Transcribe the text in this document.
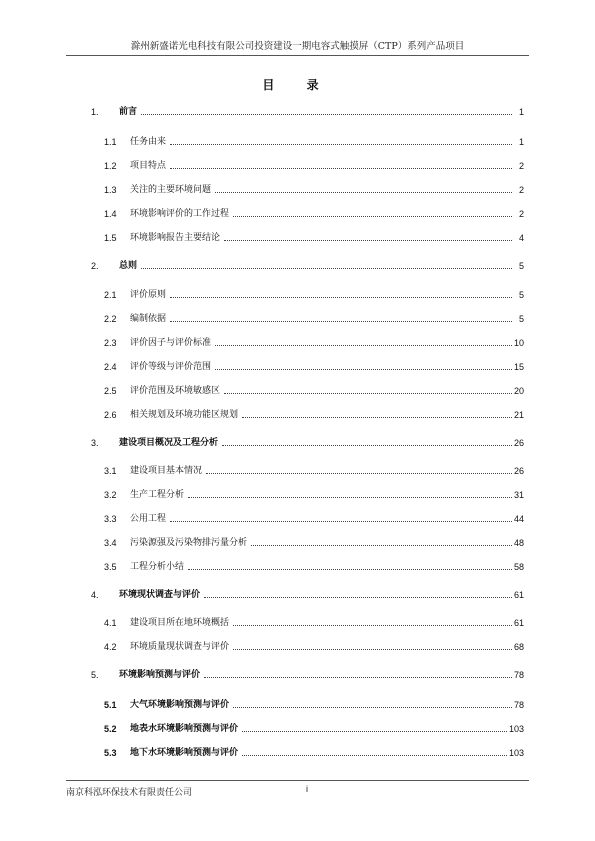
滁州新盛诺光电科技有限公司投资建设一期电容式触摸屏（CTP）系列产品项目
目 录
1.	前言	1
1.1	任务由来	1
1.2	项目特点	2
1.3	关注的主要环境问题	2
1.4	环境影响评价的工作过程	2
1.5	环境影响报告主要结论	4
2.	总则	5
2.1	评价原则	5
2.2	编制依据	5
2.3	评价因子与评价标准	10
2.4	评价等级与评价范围	15
2.5	评价范围及环境敏感区	20
2.6	相关规划及环境功能区规划	21
3.	建设项目概况及工程分析	26
3.1	建设项目基本情况	26
3.2	生产工程分析	31
3.3	公用工程	44
3.4	污染源强及污染物排污量分析	48
3.5	工程分析小结	58
4.	环境现状调查与评价	61
4.1	建设项目所在地环境概括	61
4.2	环境质量现状调查与评价	68
5.	环境影响预测与评价	78
5.1	大气环境影响预测与评价	78
5.2	地表水环境影响预测与评价	103
5.3	地下水环境影响预测与评价	103
南京科泓环保技术有限责任公司	i
